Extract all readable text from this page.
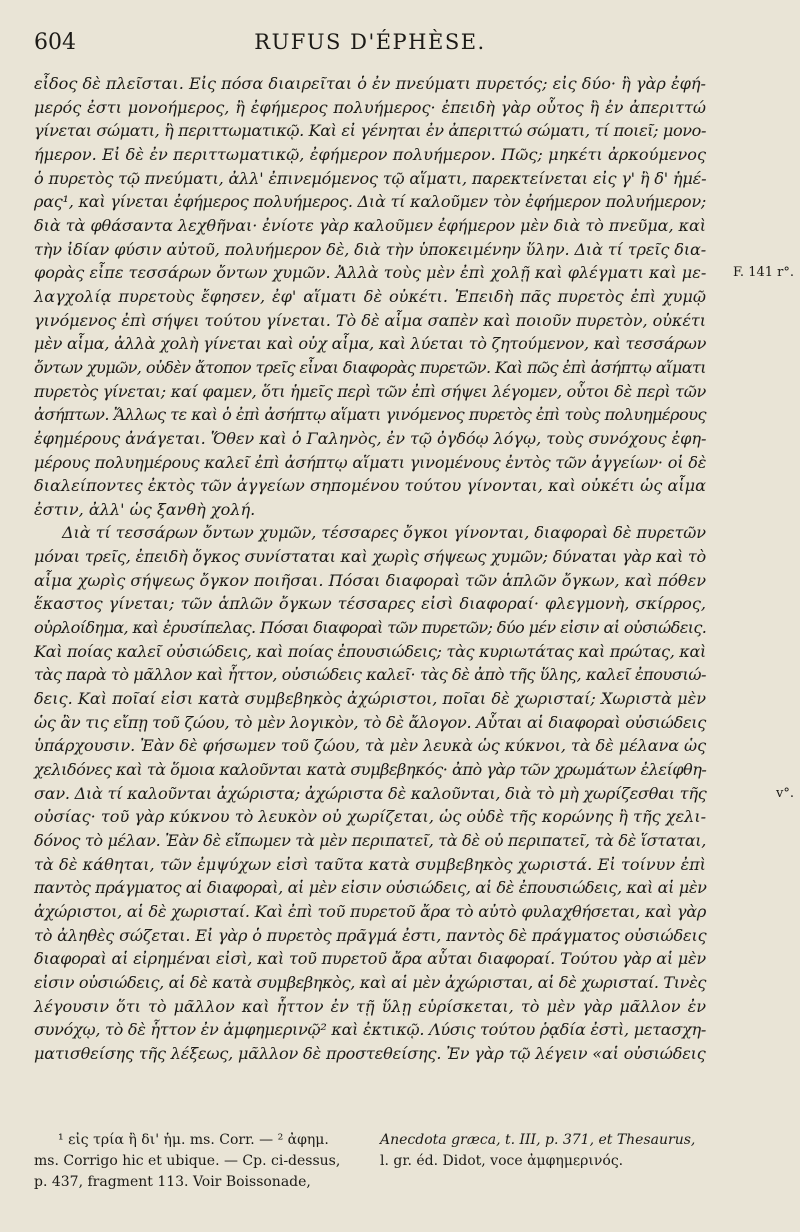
604	RUFUS D'ÉPHÈSE.

εἶδος δὲ πλεῖσται. Εἰς πόσα διαιρεῖται ὁ ἐν πνεύματι πυρετός; εἰς δύο· ἢ γὰρ ἐφή-
μερός ἐστι μονοήμερος, ἢ ἐφήμερος πολυήμερος· ἐπειδὴ γὰρ οὗτος ἢ ἐν ἀπεριττώ
γίνεται σώματι, ἢ περιττωματικῷ. Καὶ εἰ γένηται ἐν ἀπεριττώ σώματι, τί ποιεῖ; μονο-
ήμερον. Εἰ δὲ ἐν περιττωματικῷ, ἐφήμερον πολυήμερον. Πῶς; μηκέτι ἀρκούμενος
ὁ πυρετὸς τῷ πνεύματι, ἀλλ' ἐπινεμόμενος τῷ αἵματι, παρεκτείνεται εἰς γ' ἢ δ' ἡμέ-
ρας¹, καὶ γίνεται ἐφήμερος πολυήμερος. Διὰ τί καλοῦμεν τὸν ἐφήμερον πολυήμερον;
διὰ τὰ φθάσαντα λεχθῆναι· ἐνίοτε γὰρ καλοῦμεν ἐφήμερον μὲν διὰ τὸ πνεῦμα, καὶ
τὴν ἰδίαν φύσιν αὐτοῦ, πολυήμερον δὲ, διὰ τὴν ὑποκειμένην ὕλην. Διὰ τί τρεῖς δια-
φορὰς εἶπε τεσσάρων ὄντων χυμῶν. Ἀλλὰ τοὺς μὲν ἐπὶ χολῇ καὶ φλέγματι καὶ με-
λαγχολίᾳ πυρετοὺς ἔφησεν, ἐφ' αἵματι δὲ οὐκέτι. Ἐπειδὴ πᾶς πυρετὸς ἐπὶ χυμῷ
γινόμενος ἐπὶ σήψει τούτου γίνεται. Τὸ δὲ αἷμα σαπὲν καὶ ποιοῦν πυρετὸν, οὐκέτι
μὲν αἷμα, ἀλλὰ χολὴ γίνεται καὶ οὐχ αἷμα, καὶ λύεται τὸ ζητούμενον, καὶ τεσσάρων
ὄντων χυμῶν, οὐδὲν ἄτοπον τρεῖς εἶναι διαφορὰς πυρετῶν. Καὶ πῶς ἐπὶ ἀσήπτῳ αἵματι
πυρετὸς γίνεται; καί φαμεν, ὅτι ἡμεῖς περὶ τῶν ἐπὶ σήψει λέγομεν, οὗτοι δὲ περὶ τῶν
ἀσήπτων. Ἄλλως τε καὶ ὁ ἐπὶ ἀσήπτῳ αἵματι γινόμενος πυρετὸς ἐπὶ τοὺς πολυημέρους
ἐφημέρους ἀνάγεται. Ὅθεν καὶ ὁ Γαληνὸς, ἐν τῷ ὀγδόῳ λόγῳ, τοὺς συνόχους ἐφη-
μέρους πολυημέρους καλεῖ ἐπὶ ἀσήπτῳ αἵματι γινομένους ἐντὸς τῶν ἀγγείων· οἱ δὲ
διαλείποντες ἐκτὸς τῶν ἀγγείων σηπομένου τούτου γίνονται, καὶ οὐκέτι ὡς αἷμα
ἐστιν, ἀλλ' ὡς ξανθὴ χολή.

Διὰ τί τεσσάρων ὄντων χυμῶν, τέσσαρες ὄγκοι γίνονται, διαφοραὶ δὲ πυρετῶν
μόναι τρεῖς, ἐπειδὴ ὄγκος συνίσταται καὶ χωρὶς σήψεως χυμῶν; δύναται γὰρ καὶ τὸ
αἷμα χωρὶς σήψεως ὄγκον ποιῆσαι. Πόσαι διαφοραὶ τῶν ἁπλῶν ὄγκων, καὶ πόθεν
ἕκαστος γίνεται; τῶν ἁπλῶν ὄγκων τέσσαρες εἰσὶ διαφοραί· φλεγμονὴ, σκίρρος,
οὐρλοίδημα, καὶ ἐρυσίπελας. Πόσαι διαφοραὶ τῶν πυρετῶν; δύο μέν εἰσιν αἱ οὐσιώδεις.
Καὶ ποίας καλεῖ οὐσιώδεις, καὶ ποίας ἐπουσιώδεις; τὰς κυριωτάτας καὶ πρώτας, καὶ
τὰς παρὰ τὸ μᾶλλον καὶ ἧττον, οὐσιώδεις καλεῖ· τὰς δὲ ἀπὸ τῆς ὕλης, καλεῖ ἐπουσιώ-
δεις. Καὶ ποῖαί εἰσι κατὰ συμβεβηκὸς ἀχώριστοι, ποῖαι δὲ χωρισταί; Χωριστὰ μὲν
ὡς ἂν τις εἴπῃ τοῦ ζώου, τὸ μὲν λογικὸν, τὸ δὲ ἄλογον. Αὗται αἱ διαφοραὶ οὐσιώδεις
ὑπάρχουσιν. Ἐὰν δὲ φήσωμεν τοῦ ζώου, τὰ μὲν λευκὰ ὡς κύκνοι, τὰ δὲ μέλανα ὡς
χελιδόνες καὶ τὰ ὅμοια καλοῦνται κατὰ συμβεβηκός· ἀπὸ γὰρ τῶν χρωμάτων ἐλείφθη-
σαν. Διὰ τί καλοῦνται ἀχώριστα; ἀχώριστα δὲ καλοῦνται, διὰ τὸ μὴ χωρίζεσθαι τῆς
οὐσίας· τοῦ γὰρ κύκνου τὸ λευκὸν οὐ χωρίζεται, ὡς οὐδὲ τῆς κορώνης ἢ τῆς χελι-
δόνος τὸ μέλαν. Ἐὰν δὲ εἴπωμεν τὰ μὲν περιπατεῖ, τὰ δὲ οὐ περιπατεῖ, τὰ δὲ ἵσταται,
τὰ δὲ κάθηται, τῶν ἐμψύχων εἰσὶ ταῦτα κατὰ συμβεβηκὸς χωριστά. Εἰ τοίνυν ἐπὶ
παντὸς πράγματος αἱ διαφοραὶ, αἱ μὲν εἰσιν οὐσιώδεις, αἱ δὲ ἐπουσιώδεις, καὶ αἱ μὲν
ἀχώριστοι, αἱ δὲ χωρισταί. Καὶ ἐπὶ τοῦ πυρετοῦ ἄρα τὸ αὐτὸ φυλαχθήσεται, καὶ γὰρ
τὸ ἀληθὲς σώζεται. Εἰ γὰρ ὁ πυρετὸς πρᾶγμά ἐστι, παντὸς δὲ πράγματος οὐσιώδεις
διαφοραὶ αἱ εἰρημέναι εἰσὶ, καὶ τοῦ πυρετοῦ ἄρα αὗται διαφοραί. Τούτου γὰρ αἱ μὲν
εἰσιν οὐσιώδεις, αἱ δὲ κατὰ συμβεβηκὸς, καὶ αἱ μὲν ἀχώρισται, αἱ δὲ χωρισταί. Τινὲς
λέγουσιν ὅτι τὸ μᾶλλον καὶ ἧττον ἐν τῇ ὕλῃ εὑρίσκεται, τὸ μὲν γὰρ μᾶλλον ἐν
συνόχῳ, τὸ δὲ ἧττον ἐν ἀμφημερινῷ² καὶ ἐκτικῷ. Λύσις τούτου ῥᾳδία ἐστὶ, μετασχη-
ματισθείσης τῆς λέξεως, μᾶλλον δὲ προστεθείσης. Ἐν γὰρ τῷ λέγειν «αἱ οὐσιώδεις

F. 141 r°.
v°.
¹ εἰς τρία ἢ δι' ἡμ. ms. Corr. — ² ἀφημ.
ms. Corrigo hic et ubique. — Cp. ci-dessus,
p. 437, fragment 113. Voir Boissonade,
Anecdota græca, t. III, p. 371, et Thesaurus,
l. gr. éd. Didot, voce ἀμφημερινός.
